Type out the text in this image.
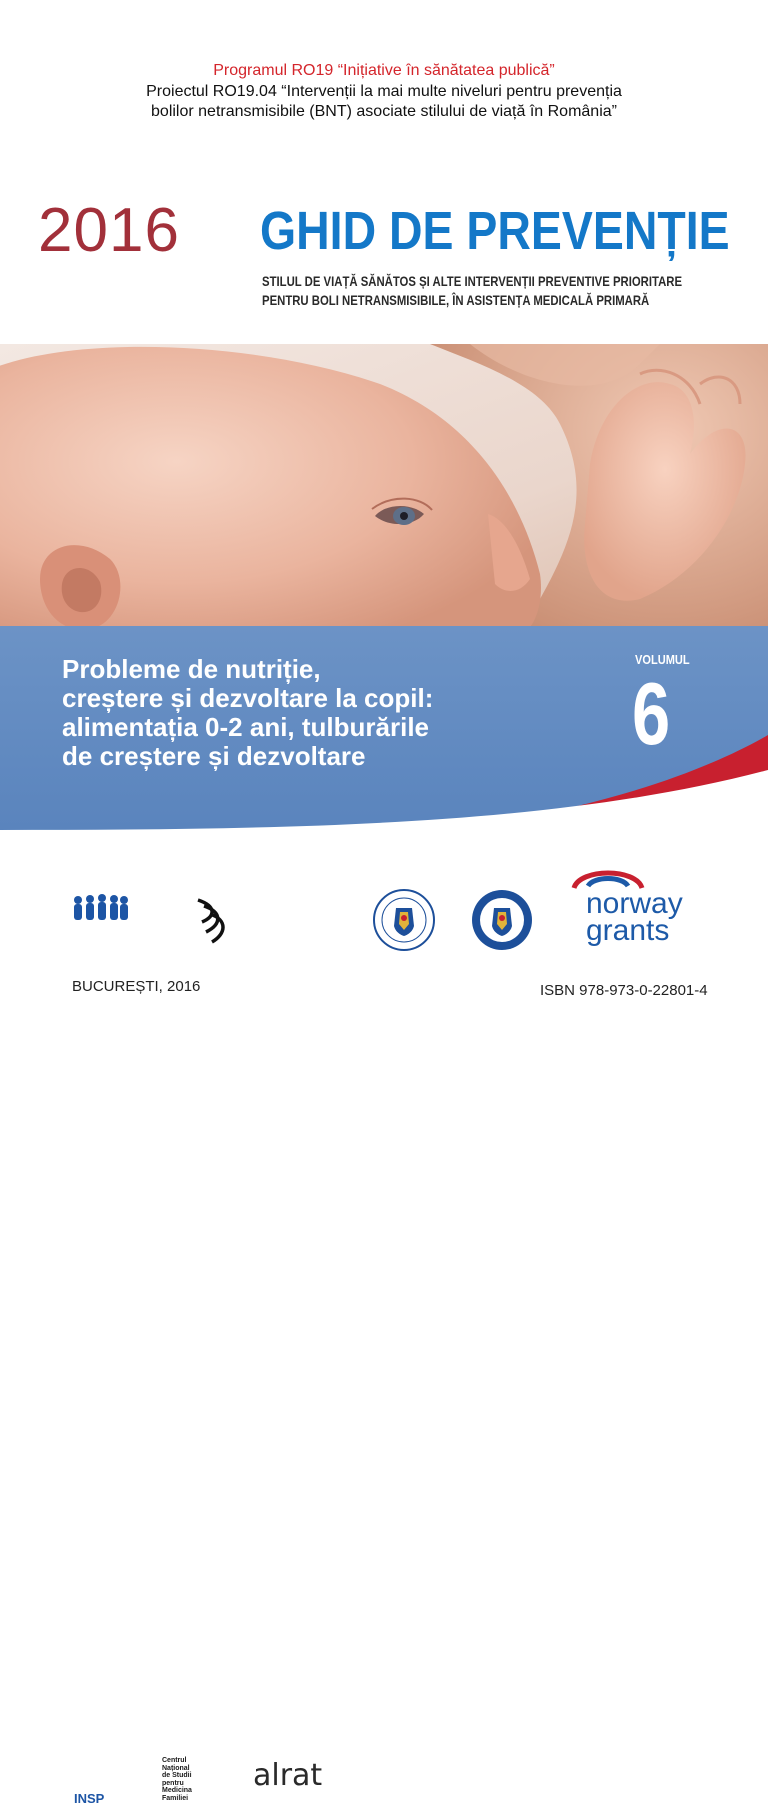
Programul RO19 “Inițiative în sănătatea publică”
Proiectul RO19.04 “Intervenții la mai multe niveluri pentru prevenția
bolilor netransmisibile (BNT) asociate stilului de viață în România”
2016 GHID DE PREVENȚIE
STILUL DE VIAȚĂ SĂNĂTOS ȘI ALTE INTERVENȚII PREVENTIVE PRIORITARE
PENTRU BOLI NETRANSMISIBILE, ÎN ASISTENȚA MEDICALĂ PRIMARĂ
Probleme de nutriție,
creștere și dezvoltare la copil:
alimentația 0-2 ani, tulburările
de creștere și dezvoltare
VOLUMUL
6
INSP
Centrul
Național
de Studii
pentru
Medicina
Familiei
alrat
norway
grants
BUCUREȘTI, 2016	ISBN 978-973-0-22801-4
